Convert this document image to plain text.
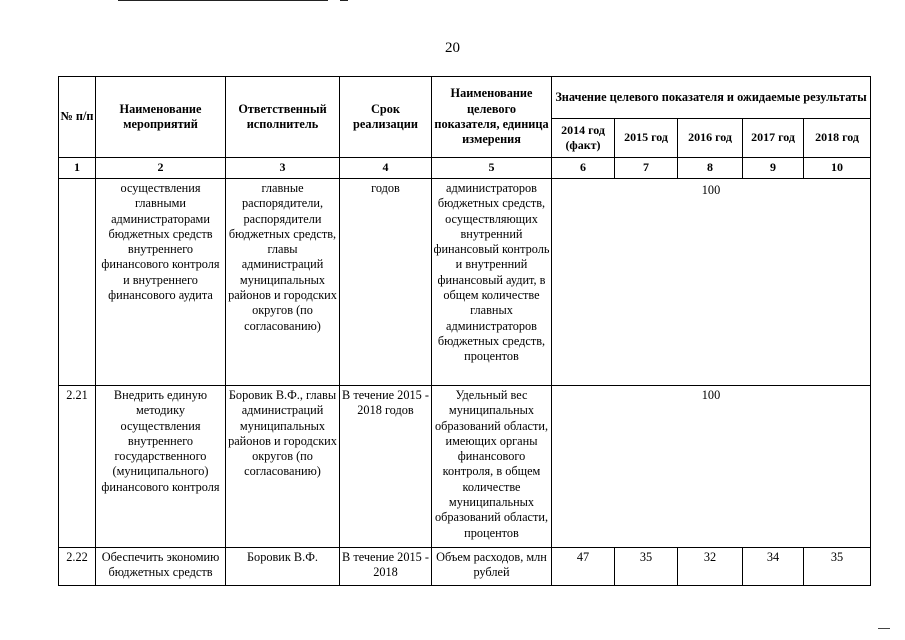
20
№ п/п	Наименование мероприятий	Ответственный исполнитель	Срок реализации	Наименование целевого показателя, единица измерения	Значение целевого показателя и ожидаемые результаты				
					2014 год (факт)	2015 год	2016 год	2017 год	2018 год
1	2	3	4	5	6	7	8	9	10
	осуществления главными администраторами бюджетных средств внутреннего финансового контроля и внутреннего финансового аудита	главные распорядители, распорядители бюджетных средств, главы администраций муниципальных районов и городских округов (по согласованию)	годов	администраторов бюджетных средств, осуществляющих внутренний финансовый контроль и внутренний финансовый аудит, в общем количестве главных администраторов бюджетных средств, процентов	100				
2.21	Внедрить единую методику осуществления внутреннего государственного (муниципального) финансового контроля	Боровик В.Ф., главы администраций муниципальных районов и городских округов (по согласованию)	В течение 2015 - 2018 годов	Удельный вес муниципальных образований области, имеющих органы финансового контроля, в общем количестве муниципальных образований области, процентов	100				
2.22	Обеспечить экономию бюджетных средств	Боровик В.Ф.	В течение 2015 - 2018	Объем расходов, млн рублей	47	35	32	34	35
